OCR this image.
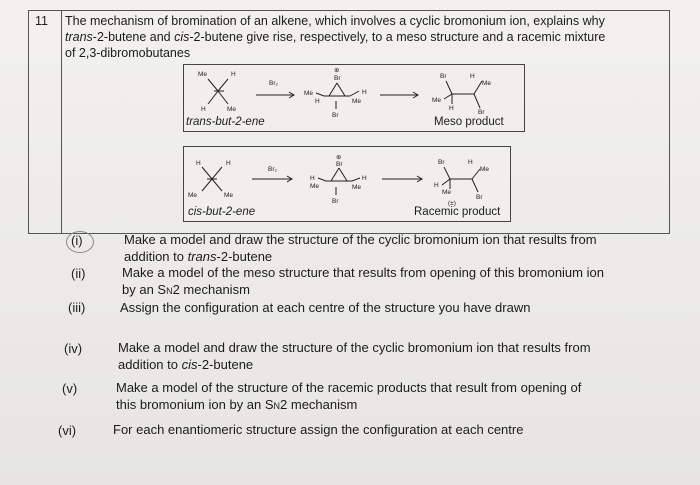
11 The mechanism of bromination of an alkene, which involves a cyclic bromonium ion, explains why
trans-2-butene and cis-2-butene give rise, respectively, to a meso structure and a racemic mixture
of 2,3-dibromobutanes
Me	H
H	Me
Br₂
⊕
Br
Me
H
H
Me
Br
Br	H
Me
Me
H
Br
trans-but-2-ene	Meso product
H	H
Me	Me
Br₂
⊕
Br
H
Me
H
Me
Br
Br	H
Me
H
Me
Br
(±)
cis-but-2-ene	Racemic product
(i)	Make a model and draw the structure of the cyclic bromonium ion that results from
addition to trans-2-butene
(ii)	Make a model of the meso structure that results from opening of this bromonium ion
by an SN2 mechanism
(iii)	Assign the configuration at each centre of the structure you have drawn
(iv)	Make a model and draw the structure of the cyclic bromonium ion that results from
addition to cis-2-butene
(v)	Make a model of the structure of the racemic products that result from opening of
this bromonium ion by an SN2 mechanism
(vi)	For each enantiomeric structure assign the configuration at each centre
